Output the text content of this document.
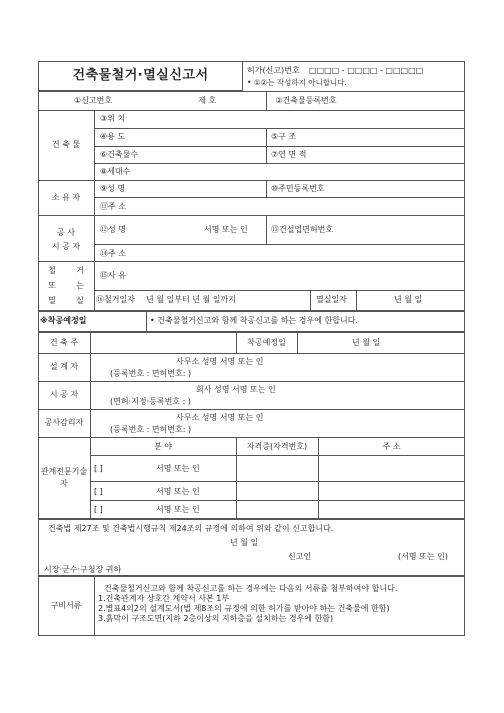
건축물철거·멸실신고서	허가(신고)번호 □□□□ - □□□□ - □□□□□
• ①②는 작성하지 아니합니다.
①신고번호	제 호	②건축물등록번호
건 축 물
③위 치
④용 도	⑤구 조
⑥건축물수	⑦연 면 적
⑧세대수
소 유 자
⑨성 명	⑩주민등록번호
⑪주 소
공 사
시 공 자
⑫성 명	서명 또는 인	⑬건설업면허번호
⑭주 소
철	거
또	는
멸	실
⑮사 유
⑯철거일자 년 월 일부터 년 월 일까지	멸실일자	년 월 일
※착공예정일	• 건축물철거신고와 함께 착공신고를 하는 경우에 한합니다.
건 축 주	착공예정일	년 월 일
설 계 자
사무소 성명 서명 또는 인
(등록번호 : 면허번호: )
시 공 자
회사 성명 서명 또는 인
(면허·지정·등록번호 : )
공사감리자
사무소 성명 서명 또는 인
(등록번호 : 면허번호: )
관계전문기술
자
분 야	자격증(자격번호)	주 소
[ ]	서명 또는 인
[ ]	서명 또는 인
[ ]	서명 또는 인
건축법 제27조 및 건축법시행규칙 제24조의 규정에 의하여 위와 같이 신고합니다.
년 월 일
신고인	(서명 또는 인)
시장·군수·구청장 귀하
구비서류
건축물철거신고와 함께 착공신고를 하는 경우에는 다음의 서류를 첨부하여야 합니다.
1.건축관계자 상호간 계약서 사본 1부
2.별표4의2의 설계도서(법 제8조의 규정에 의한 허가를 받아야 하는 건축물에 한함)
3.흙막이 구조도면(지하 2층이상의 지하층을 설치하는 경우에 한함)
